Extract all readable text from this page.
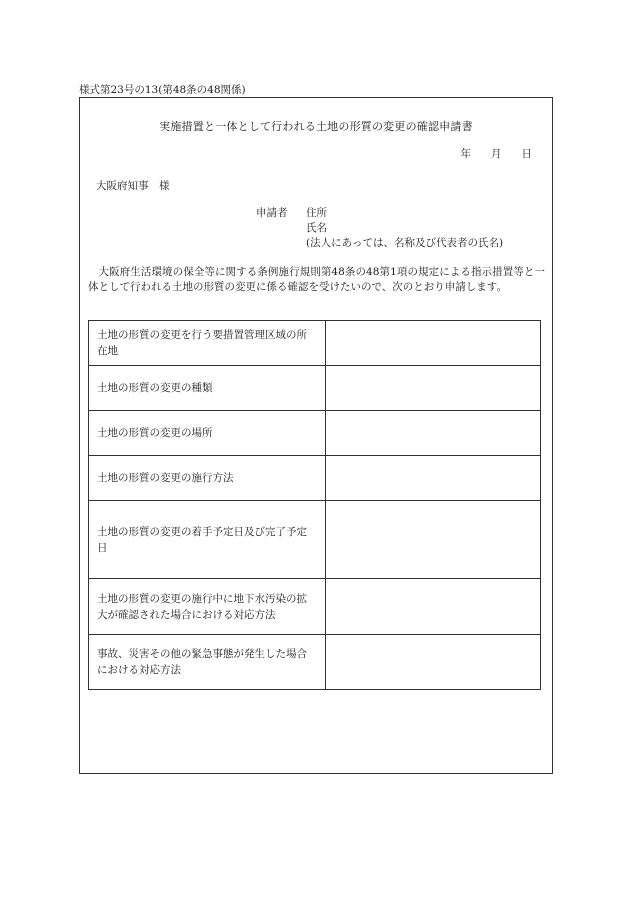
様式第23号の13(第48条の48関係)
実施措置と一体として行われる土地の形質の変更の確認申請書
年 月 日
大阪府知事　様
申請者	住所
氏名
(法人にあっては、名称及び代表者の氏名)
大阪府生活環境の保全等に関する条例施行規則第48条の48第1項の規定による指示措置等と一体として行われる土地の形質の変更に係る確認を受けたいので、次のとおり申請します。
土地の形質の変更を行う要措置管理区域の所在地	
土地の形質の変更の種類	
土地の形質の変更の場所	
土地の形質の変更の施行方法	
土地の形質の変更の着手予定日及び完了予定日	
土地の形質の変更の施行中に地下水汚染の拡大が確認された場合における対応方法	
事故、災害その他の緊急事態が発生した場合における対応方法	
